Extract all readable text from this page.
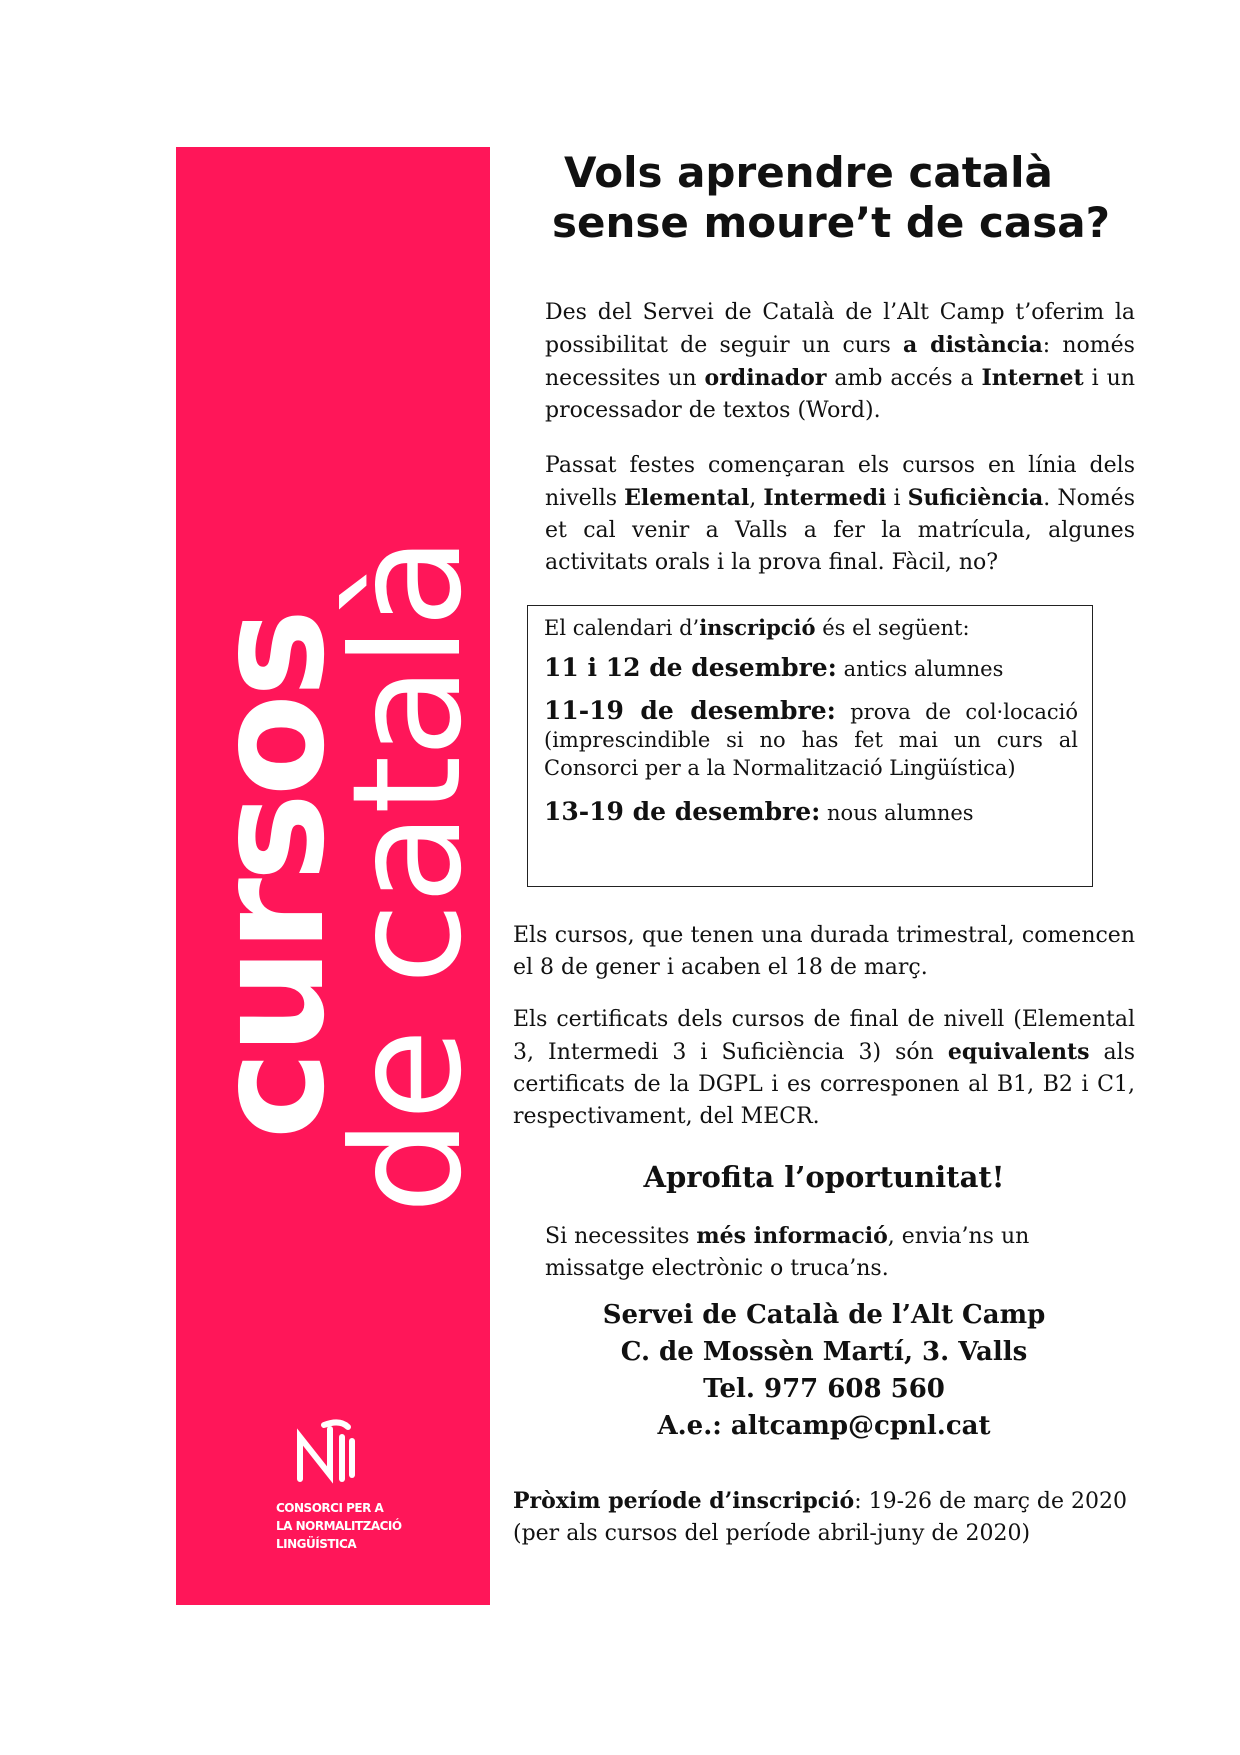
cursos
de català
CONSORCI PER A
LA NORMALITZACIÓ
LINGÜÍSTICA
Vols aprendre català
sense moure’t de casa?

Des del Servei de Català de l’Alt Camp t’oferim la possibilitat de seguir un curs a distància: només necessites un ordinador amb accés a Internet i un processador de textos (Word).

Passat festes començaran els cursos en línia dels nivells Elemental, Intermedi i Suficiència. Només et cal venir a Valls a fer la matrícula, algunes activitats orals i la prova final. Fàcil, no?

El calendari d’inscripció és el següent:

11 i 12 de desembre: antics alumnes

11-19 de desembre: prova de col·locació (imprescindible si no has fet mai un curs al Consorci per a la Normalització Lingüística)

13-19 de desembre: nous alumnes

Els cursos, que tenen una durada trimestral, comencen el 8 de gener i acaben el 18 de març.

Els certificats dels cursos de final de nivell (Elemental 3, Intermedi 3 i Suficiència 3) són equivalents als certificats de la DGPL i es corresponen al B1, B2 i C1, respectivament, del MECR.

Aprofita l’oportunitat!

Si necessites més informació, envia’ns un missatge electrònic o truca’ns.

Servei de Català de l’Alt Camp
C. de Mossèn Martí, 3. Valls
Tel. 977 608 560
A.e.: altcamp@cpnl.cat

Pròxim període d’inscripció: 19-26 de març de 2020 (per als cursos del període abril-juny de 2020)
